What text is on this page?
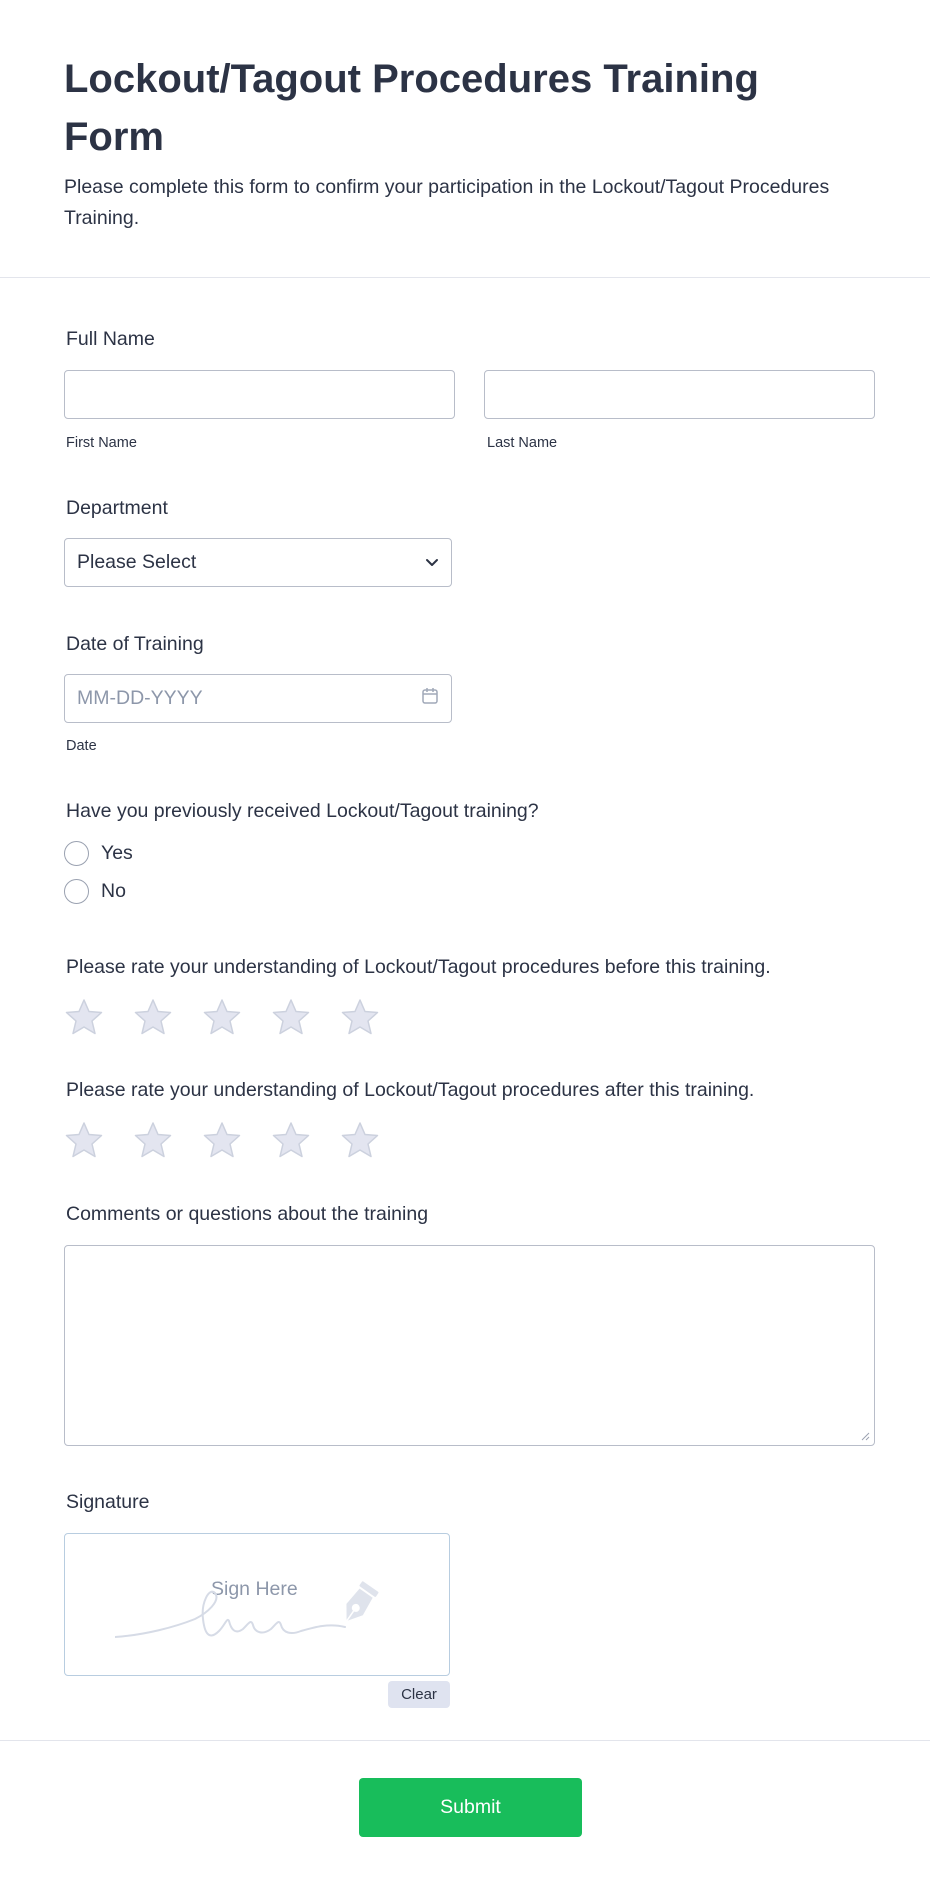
Lockout/Tagout Procedures Training Form

Please complete this form to confirm your participation in the Lockout/Tagout Procedures Training.

Full Name
First Name	Last Name
Department
Please Select
Date of Training
MM-DD-YYYY
Date
Have you previously received Lockout/Tagout training?
Yes
No
Please rate your understanding of Lockout/Tagout procedures before this training.
Please rate your understanding of Lockout/Tagout procedures after this training.
Comments or questions about the training
Signature
Sign Here
Clear
Submit
